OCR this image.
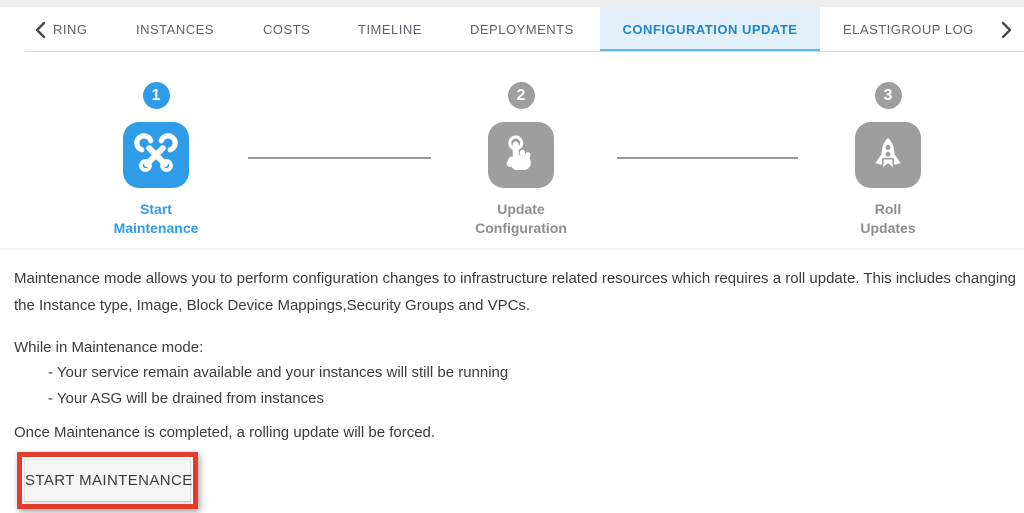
RING	INSTANCES	COSTS	TIMELINE	DEPLOYMENTS	CONFIGURATION UPDATE	ELASTIGROUP LOG
1
Start
Maintenance
2
Update
Configuration
3
Roll
Updates
Maintenance mode allows you to perform configuration changes to infrastructure related resources which requires a roll update. This includes changing
the Instance type, Image, Block Device Mappings,Security Groups and VPCs.
While in Maintenance mode:
- Your service remain available and your instances will still be running
- Your ASG will be drained from instances
Once Maintenance is completed, a rolling update will be forced.
START MAINTENANCE
